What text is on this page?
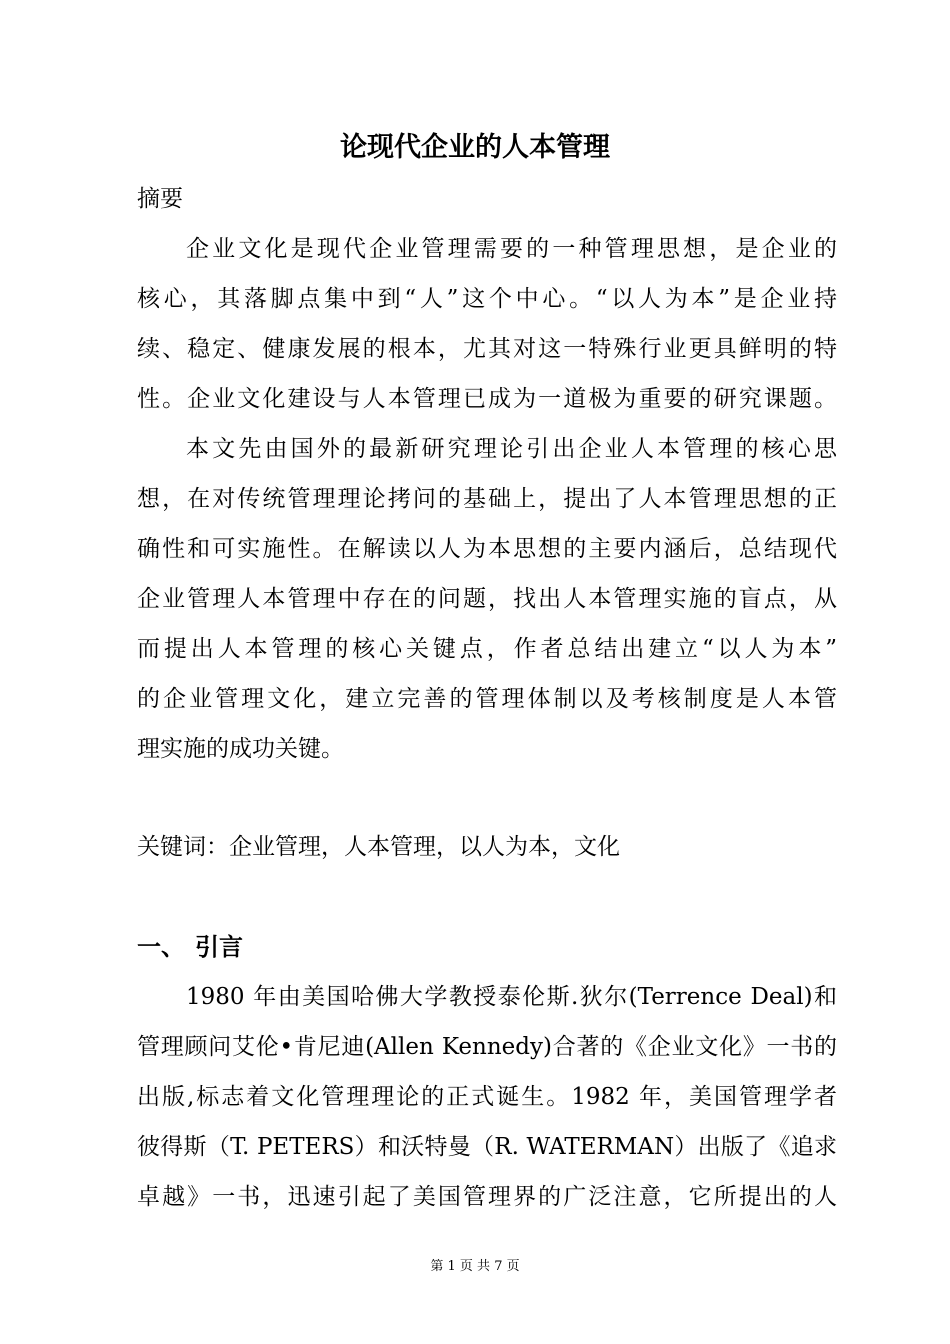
论现代企业的人本管理
摘要
企业文化是现代企业管理需要的一种管理思想，是企业的
核心，其落脚点集中到“人”这个中心。“以人为本”是企业持
续、稳定、健康发展的根本，尤其对这一特殊行业更具鲜明的特
性。企业文化建设与人本管理已成为一道极为重要的研究课题。
本文先由国外的最新研究理论引出企业人本管理的核心思
想，在对传统管理理论拷问的基础上，提出了人本管理思想的正
确性和可实施性。在解读以人为本思想的主要内涵后，总结现代
企业管理人本管理中存在的问题，找出人本管理实施的盲点，从
而提出人本管理的核心关键点，作者总结出建立“以人为本”
的企业管理文化，建立完善的管理体制以及考核制度是人本管
理实施的成功关键。
关键词：企业管理，人本管理，以人为本，文化
一、 引言
1980 年由美国哈佛大学教授泰伦斯.狄尔(Terrence Deal)和
管理顾问艾伦•肯尼迪(Allen Kennedy)合著的《企业文化》一书的
出版,标志着文化管理理论的正式诞生。1982 年，美国管理学者
彼得斯（T. PETERS）和沃特曼（R. WATERMAN）出版了《追求
卓越》一书，迅速引起了美国管理界的广泛注意，它所提出的人
第 1 页 共 7 页
